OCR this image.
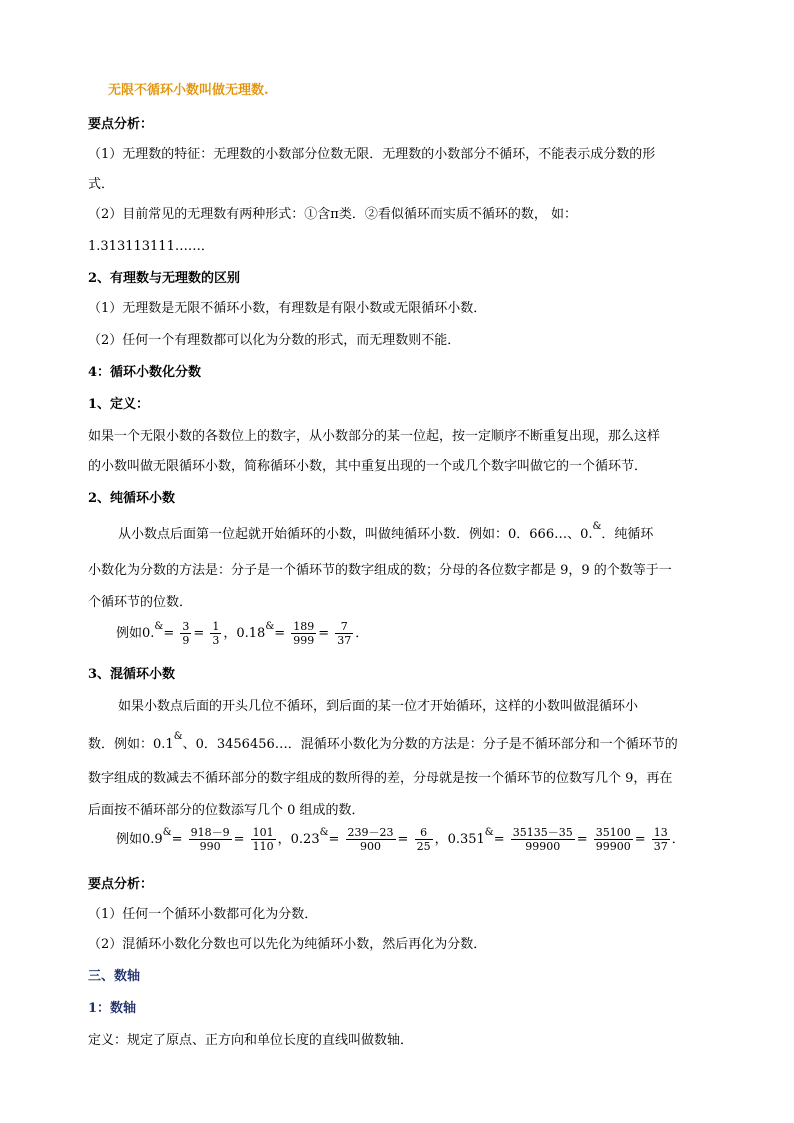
无限不循环小数叫做无理数.
要点分析：
（1）无理数的特征：无理数的小数部分位数无限．无理数的小数部分不循环，不能表示成分数的形
式．
（2）目前常见的无理数有两种形式：①含π类．②看似循环而实质不循环的数， 如：
1.313113111……．
2、有理数与无理数的区别
（1）无理数是无限不循环小数，有理数是有限小数或无限循环小数．
（2）任何一个有理数都可以化为分数的形式，而无理数则不能．
4：循环小数化分数
1、定义：
如果一个无限小数的各数位上的数字，从小数部分的某一位起，按一定顺序不断重复出现，那么这样
的小数叫做无限循环小数，简称循环小数，其中重复出现的一个或几个数字叫做它的一个循环节．
2、纯循环小数
从小数点后面第一位起就开始循环的小数，叫做纯循环小数．例如：0．666…、0.&．纯循环
小数化为分数的方法是：分子是一个循环节的数字组成的数；分母的各位数字都是 9，9 的个数等于一
个循环节的位数．
例如$0.^{\&}= \frac{3}{9} = \frac{1}{3}$ ，$0.18^{\&}= \frac{189}{999} = \frac{7}{37}$ ．
3、混循环小数
如果小数点后面的开头几位不循环，到后面的某一位才开始循环，这样的小数叫做混循环小
数．例如：0.1&、0．3456456…．混循环小数化为分数的方法是：分子是不循环部分和一个循环节的
数字组成的数减去不循环部分的数字组成的数所得的差，分母就是按一个循环节的位数写几个 9，再在
后面按不循环部分的位数添写几个 0 组成的数．
例如$0.9^{\&}= \frac{918-9}{990} = \frac{101}{110}$ ，$0.23^{\&}= \frac{239-23}{900} = \frac{6}{25}$ ，$0.351^{\&}= \frac{35135-35}{99900} = \frac{35100}{99900} = \frac{13}{37}$ ．
要点分析：
（1）任何一个循环小数都可化为分数．
（2）混循环小数化分数也可以先化为纯循环小数，然后再化为分数．
三、数轴
1：数轴
定义：规定了原点、正方向和单位长度的直线叫做数轴．
